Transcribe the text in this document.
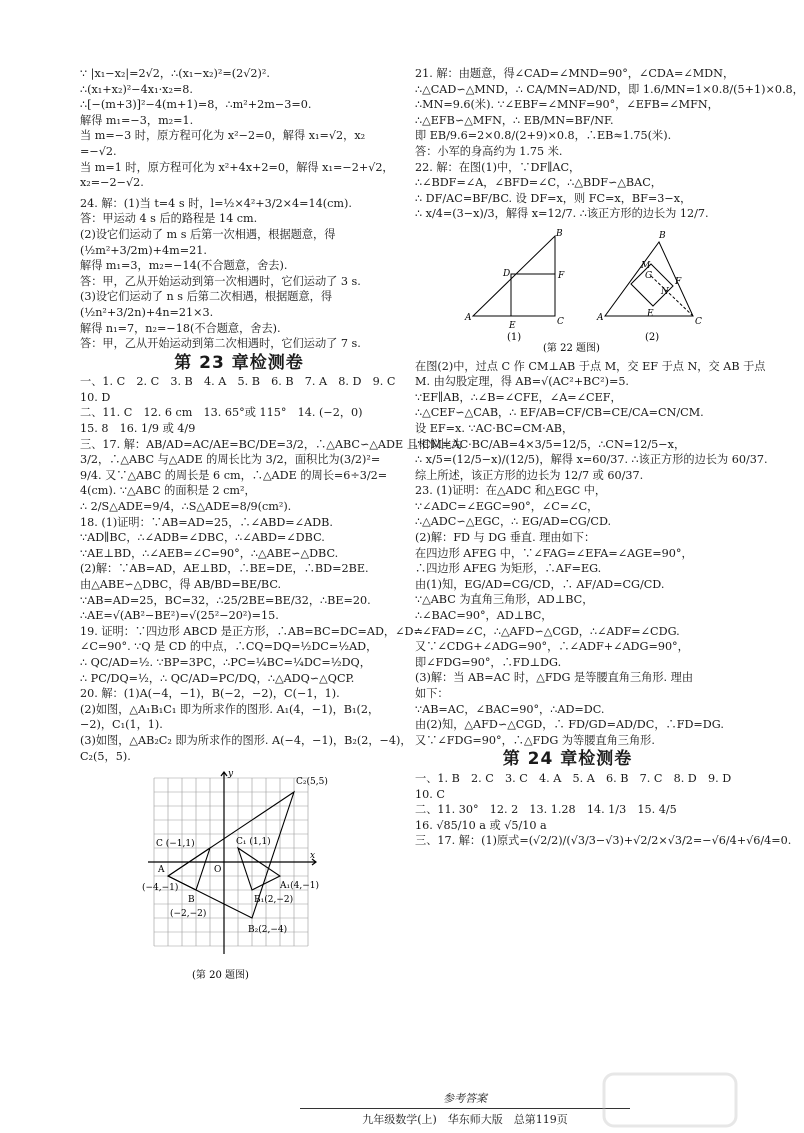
∵ |x₁−x₂|=2√2，∴(x₁−x₂)²=(2√2)².
∴(x₁+x₂)²−4x₁·x₂=8.
∴[−(m+3)]²−4(m+1)=8，∴m²+2m−3=0.
解得 m₁=−3，m₂=1.
当 m=−3 时，原方程可化为 x²−2=0，解得 x₁=√2，x₂
=−√2.
当 m=1 时，原方程可化为 x²+4x+2=0，解得 x₁=−2+√2，
x₂=−2−√2.
24. 解：(1)当 t=4 s 时，l=½×4²+3/2×4=14(cm).
答：甲运动 4 s 后的路程是 14 cm.
(2)设它们运动了 m s 后第一次相遇，根据题意，得
(½m²+3/2m)+4m=21.
解得 m₁=3，m₂=−14(不合题意，舍去).
答：甲，乙从开始运动到第一次相遇时，它们运动了 3 s.
(3)设它们运动了 n s 后第二次相遇，根据题意，得
(½n²+3/2n)+4n=21×3.
解得 n₁=7，n₂=−18(不合题意，舍去).
答：甲，乙从开始运动到第二次相遇时，它们运动了 7 s.
第 23 章检测卷
一、1. C　2. C　3. B　4. A　5. B　6. B　7. A　8. D　9. C
10. D
二、11. C　12. 6 cm　13. 65°或 115°　14. (−2，0)
15. 8　16. 1/9 或 4/9
三、17. 解：AB/AD=AC/AE=BC/DE=3/2，∴△ABC∽△ADE 且相似比为
3/2，∴△ABC 与△ADE 的周长比为 3/2，面积比为(3/2)²=
9/4. 又∵△ABC 的周长是 6 cm，∴△ADE 的周长=6÷3/2=
4(cm). ∵△ABC 的面积是 2 cm²，
∴ 2/S△ADE=9/4，∴S△ADE=8/9(cm²).
18. (1)证明：∵AB=AD=25，∴∠ABD=∠ADB.
∵AD∥BC，∴∠ADB=∠DBC，∴∠ABD=∠DBC.
∵AE⊥BD，∴∠AEB=∠C=90°，∴△ABE∽△DBC.
(2)解：∵AB=AD，AE⊥BD，∴BE=DE，∴BD=2BE.
由△ABE∽△DBC，得 AB/BD=BE/BC.
∵AB=AD=25，BC=32，∴25/2BE=BE/32，∴BE=20.
∴AE=√(AB²−BE²)=√(25²−20²)=15.
19. 证明：∵四边形 ABCD 是正方形，∴AB=BC=DC=AD，∠D=
∠C=90°. ∵Q 是 CD 的中点，∴CQ=DQ=½DC=½AD，
∴ QC/AD=½. ∵BP=3PC，∴PC=¼BC=¼DC=½DQ，
∴ PC/DQ=½，∴ QC/AD=PC/DQ，∴△ADQ∽△QCP.
20. 解：(1)A(−4，−1)，B(−2，−2)，C(−1，1).
(2)如图，△A₁B₁C₁ 即为所求作的图形. A₁(4，−1)，B₁(2，
−2)，C₁(1，1).
(3)如图，△AB₂C₂ 即为所求作的图形. A(−4，−1)，B₂(2，−4)，
C₂(5，5).
C₂(5,5)
C (−1,1)	C₁ (1,1)
A	O
(−4,−1)
B
(−2,−2)
B₁(2,−2)
A₁(4,−1)
B₂(2,−4)
x
y
(第 20 题图)
21. 解：由题意，得∠CAD=∠MND=90°，∠CDA=∠MDN，
∴△CAD∽△MND，∴ CA/MN=AD/ND，即 1.6/MN=1×0.8/(5+1)×0.8，
∴MN=9.6(米). ∵∠EBF=∠MNF=90°，∠EFB=∠MFN，
∴△EFB∽△MFN，∴ EB/MN=BF/NF.
即 EB/9.6=2×0.8/(2+9)×0.8，∴EB≈1.75(米).
答：小军的身高约为 1.75 米.
22. 解：在图(1)中，∵DF∥AC，
∴∠BDF=∠A，∠BFD=∠C，∴△BDF∽△BAC，
∴ DF/AC=BF/BC. 设 DF=x，则 FC=x，BF=3−x，
∴ x/4=(3−x)/3，解得 x=12/7. ∴该正方形的边长为 12/7.
B
D	F
A
E	C
B
M
G
F
N
A	E
C
(1)	(2)
(第 22 题图)
在图(2)中，过点 C 作 CM⊥AB 于点 M，交 EF 于点 N，交 AB 于点
M. 由勾股定理，得 AB=√(AC²+BC²)=5.
∵EF∥AB，∴∠B=∠CFE，∠A=∠CEF，
∴△CEF∽△CAB，∴ EF/AB=CF/CB=CE/CA=CN/CM.
设 EF=x. ∵AC·BC=CM·AB，
∴CM=AC·BC/AB=4×3/5=12/5，∴CN=12/5−x，
∴ x/5=(12/5−x)/(12/5)，解得 x=60/37. ∴该正方形的边长为 60/37.
综上所述，该正方形的边长为 12/7 或 60/37.
23. (1)证明：在△ADC 和△EGC 中，
∵∠ADC=∠EGC=90°，∠C=∠C，
∴△ADC∽△EGC，∴ EG/AD=CG/CD.
(2)解：FD 与 DG 垂直. 理由如下：
在四边形 AFEG 中，∵∠FAG=∠EFA=∠AGE=90°，
∴四边形 AFEG 为矩形，∴AF=EG.
由(1)知，EG/AD=CG/CD，∴ AF/AD=CG/CD.
∵△ABC 为直角三角形，AD⊥BC，
∴∠BAC=90°，AD⊥BC，
∴∠FAD=∠C，∴△AFD∽△CGD，∴∠ADF=∠CDG.
又∵∠CDG+∠ADG=90°，∴∠ADF+∠ADG=90°，
即∠FDG=90°，∴FD⊥DG.
(3)解：当 AB=AC 时，△FDG 是等腰直角三角形. 理由
如下：
∵AB=AC，∠BAC=90°，∴AD=DC.
由(2)知，△AFD∽△CGD，∴ FD/GD=AD/DC，∴FD=DG.
又∵∠FDG=90°，∴△FDG 为等腰直角三角形.
第 24 章检测卷
一、1. B　2. C　3. C　4. A　5. A　6. B　7. C　8. D　9. D
10. C
二、11. 30°　12. 2　13. 1.28　14. 1/3　15. 4/5
16. √85/10 a 或 √5/10 a
三、17. 解：(1)原式=(√2/2)/(√3/3−√3)+√2/2×√3/2=−√6/4+√6/4=0.
参考答案
九年级数学(上)　华东师大版　总第119页
